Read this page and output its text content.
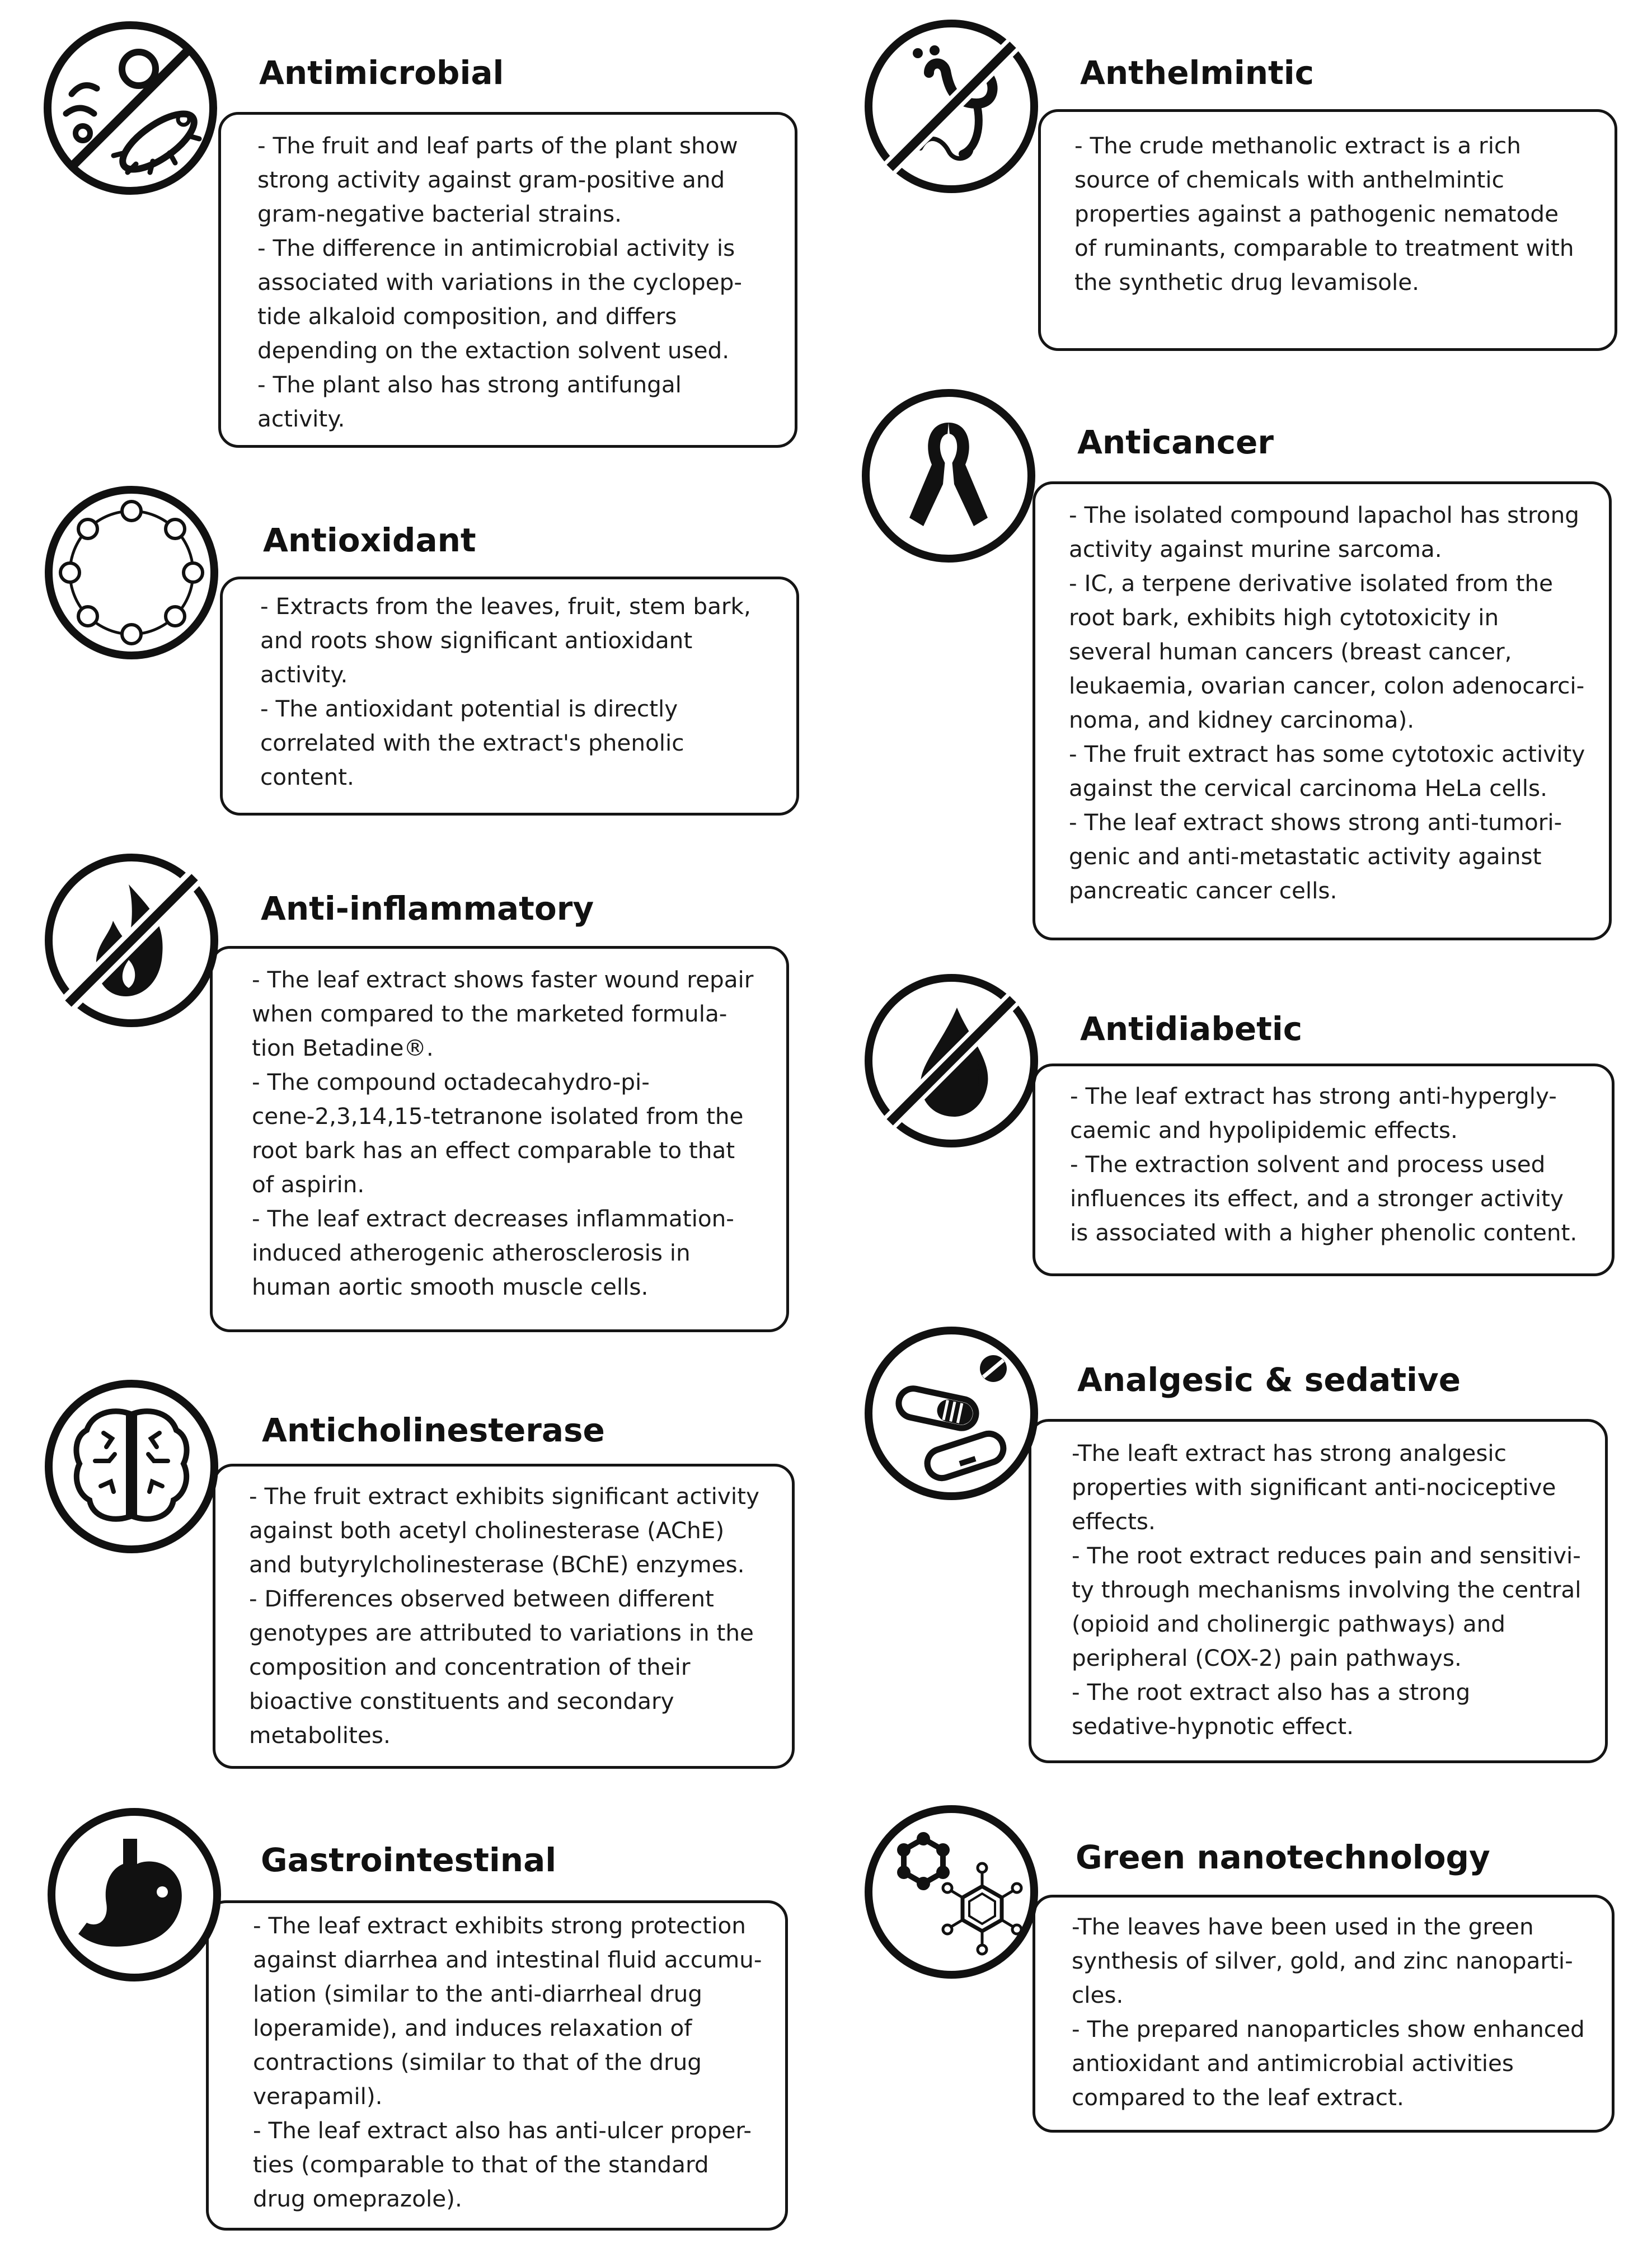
Antimicrobial
- The fruit and leaf parts of the plant show
strong activity against gram-positive and
gram-negative bacterial strains.
- The difference in antimicrobial activity is
associated with variations in the cyclopep-
tide alkaloid composition, and differs
depending on the extaction solvent used.
- The plant also has strong antifungal
activity.
Antioxidant
- Extracts from the leaves, fruit, stem bark,
and roots show significant antioxidant
activity.
- The antioxidant potential is directly
correlated with the extract's phenolic
content.
Anti-inflammatory
- The leaf extract shows faster wound repair
when compared to the marketed formula-
tion Betadine®.
- The compound octadecahydro-pi-
cene-2,3,14,15-tetranone isolated from the
root bark has an effect comparable to that
of aspirin.
- The leaf extract decreases inflammation-
induced atherogenic atherosclerosis in
human aortic smooth muscle cells.
Anticholinesterase
- The fruit extract exhibits significant activity
against both acetyl cholinesterase (AChE)
and butyrylcholinesterase (BChE) enzymes.
- Differences observed between different
genotypes are attributed to variations in the
composition and concentration of their
bioactive constituents and secondary
metabolites.
Gastrointestinal
- The leaf extract exhibits strong protection
against diarrhea and intestinal fluid accumu-
lation (similar to the anti-diarrheal drug
loperamide), and induces relaxation of
contractions (similar to that of the drug
verapamil).
- The leaf extract also has anti-ulcer proper-
ties (comparable to that of the standard
drug omeprazole).
Anthelmintic
- The crude methanolic extract is a rich
source of chemicals with anthelmintic
properties against a pathogenic nematode
of ruminants, comparable to treatment with
the synthetic drug levamisole.
Anticancer
- The isolated compound lapachol has strong
activity against murine sarcoma.
- IC, a terpene derivative isolated from the
root bark, exhibits high cytotoxicity in
several human cancers (breast cancer,
leukaemia, ovarian cancer, colon adenocarci-
noma, and kidney carcinoma).
- The fruit extract has some cytotoxic activity
against the cervical carcinoma HeLa cells.
- The leaf extract shows strong anti-tumori-
genic and anti-metastatic activity against
pancreatic cancer cells.
Antidiabetic
- The leaf extract has strong anti-hypergly-
caemic and hypolipidemic effects.
- The extraction solvent and process used
influences its effect, and a stronger activity
is associated with a higher phenolic content.
Analgesic & sedative
-The leaft extract has strong analgesic
properties with significant anti-nociceptive
effects.
- The root extract reduces pain and sensitivi-
ty through mechanisms involving the central
(opioid and cholinergic pathways) and
peripheral (COX-2) pain pathways.
- The root extract also has a strong
sedative-hypnotic effect.
Green nanotechnology
-The leaves have been used in the green
synthesis of silver, gold, and zinc nanoparti-
cles.
- The prepared nanoparticles show enhanced
antioxidant and antimicrobial activities
compared to the leaf extract.
